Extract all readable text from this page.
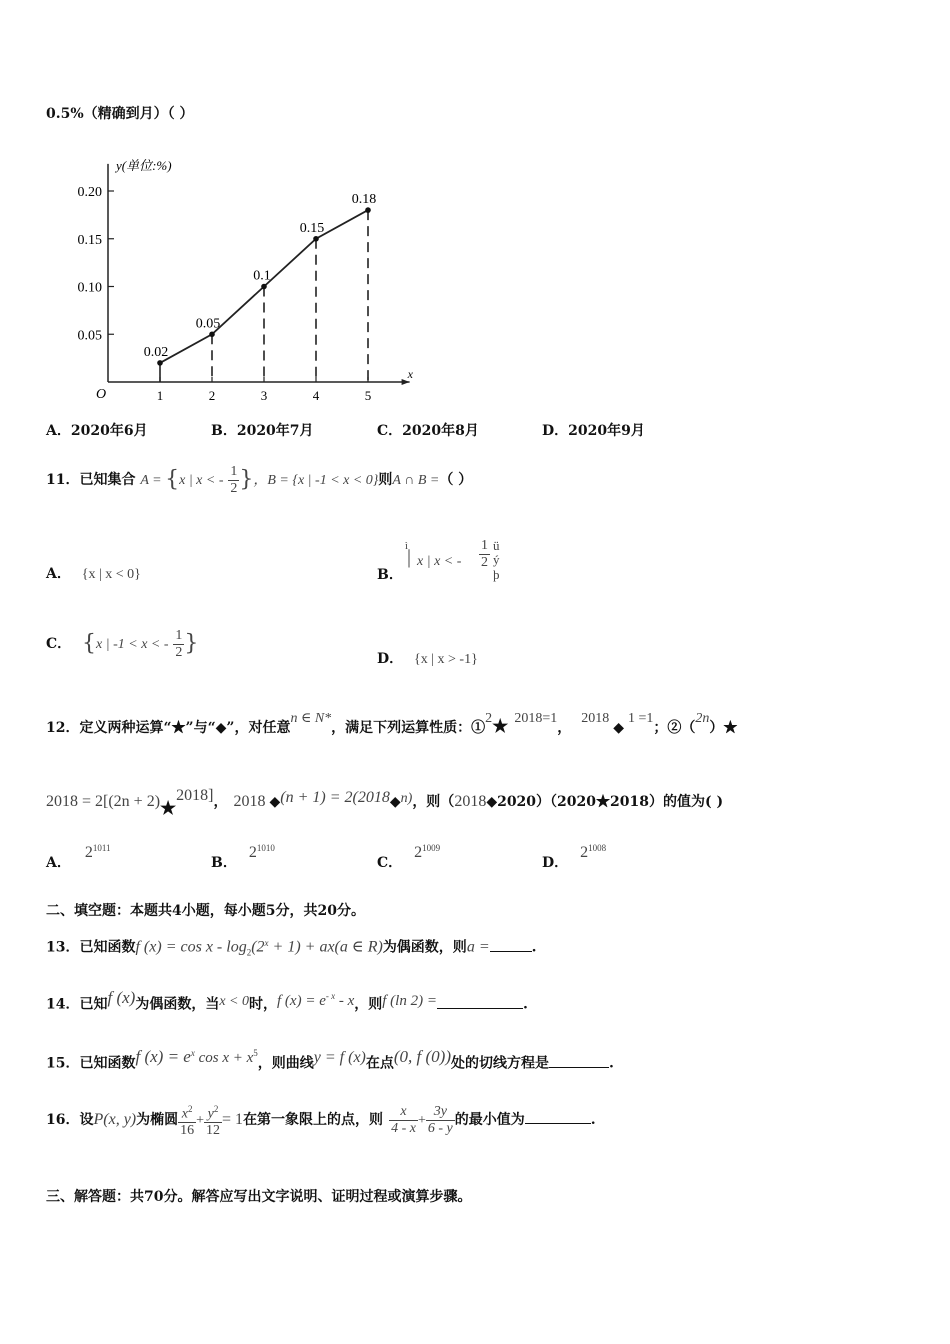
0.5%（精确到月）（ ）
x
y(单位:%)
O
0.05
0.10
0.15
0.20
1	2	3	4	5
0.02
0.05
0.1
0.15
0.18
A．2020年6月	B．2020年7月	C．2020年8月	D．2020年9月
11．已知集合 A = {x | x < - $\frac{1}{2}$ }，B = {x | -1 < x < 0}则A ∩ B =（ ）
A． {x | x < 0}	B．
ì
| x | x < - $\frac{1}{2}$ ü
ý
þ
C． {x | -1 < x < - $\frac{1}{2}$ }
D． {x | x > -1}
12．定义两种运算“★”与“◆”，对任意n ∈ N*，满足下列运算性质：①2★ 2018=1，2018◆1 =1；②（2n）★
2018 = 2[(2n + 2)★2018]， 2018 ◆(n + 1) = 2(2018◆n)，则（2018◆2020）（2020★2018）的值为( )
A．$2^{1011}$
B．$2^{1010}$
C．$2^{1009}$
D．$2^{1008}$
二、填空题：本题共4小题，每小题5分，共20分。
13．已知函数f $(x) = \cos x - \log_2(2^x + 1) + ax(a$ ∈ R)为偶函数，则a =	.
14．已知f (x)为偶函数，当x < 0时，f $(x) = e^{- x} - x$，则f (ln 2) =	.
15．已知函数f $(x) = e^x$ $\cos x + x^5$，则曲线y = f (x)在点(0, f (0))处的切线方程是	.
16．设P(x, y)为椭圆 $\frac{x^2}{16} + \frac{y^2}{12} = 1$在第一象限上的点，则 $\frac{x}{4 - x} + \frac{3y}{6 - y}$ 的最小值为	.
三、解答题：共70分。解答应写出文字说明、证明过程或演算步骤。
